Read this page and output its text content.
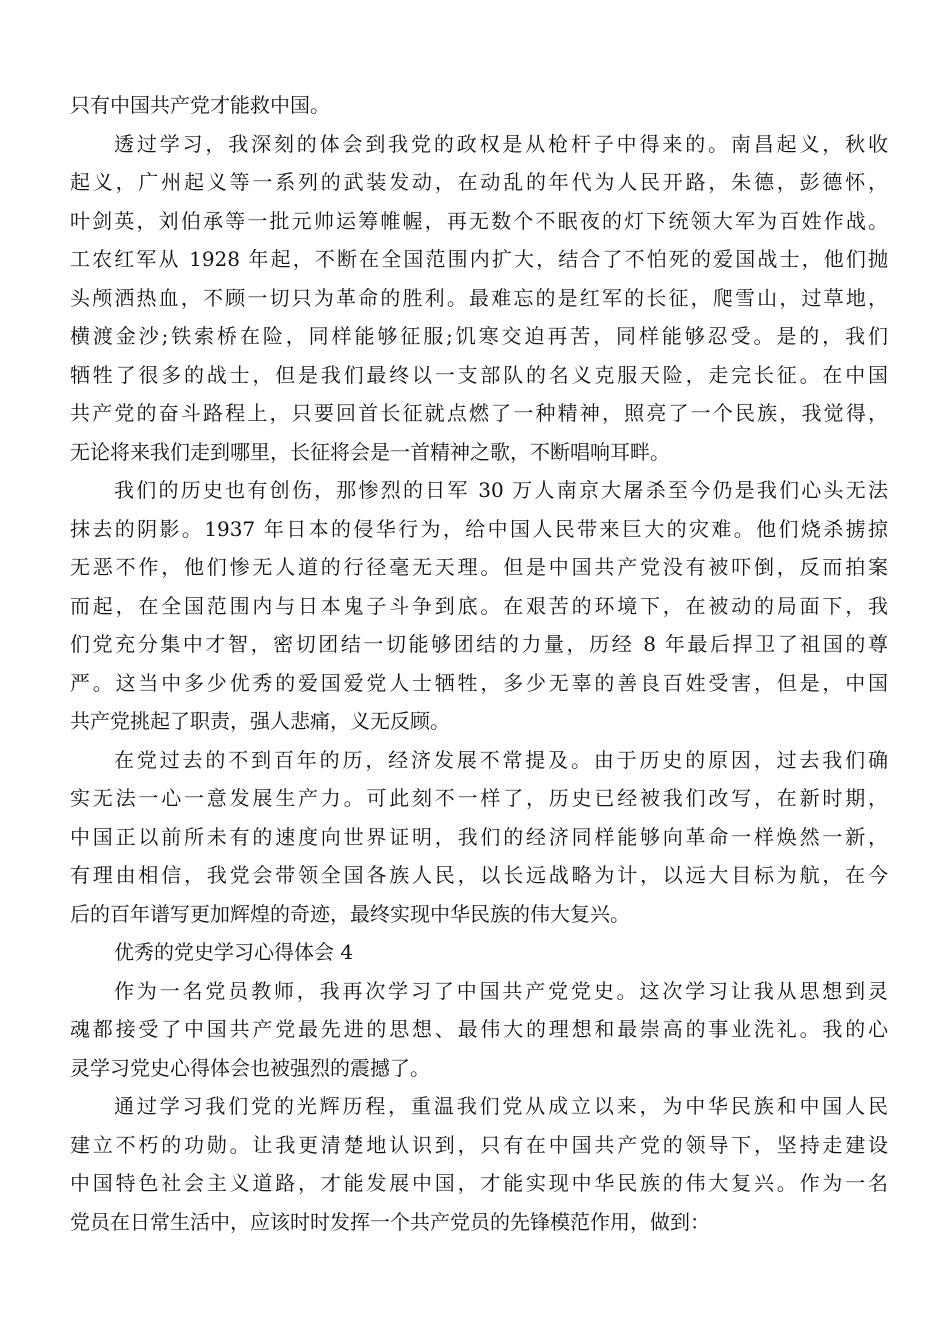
只有中国共产党才能救中国。
透过学习，我深刻的体会到我党的政权是从枪杆子中得来的。南昌起义，秋收
起义，广州起义等一系列的武装发动，在动乱的年代为人民开路，朱德，彭德怀，
叶剑英，刘伯承等一批元帅运筹帷幄，再无数个不眠夜的灯下统领大军为百姓作战。
工农红军从 1928 年起，不断在全国范围内扩大，结合了不怕死的爱国战士，他们抛
头颅洒热血，不顾一切只为革命的胜利。最难忘的是红军的长征，爬雪山，过草地，
横渡金沙;铁索桥在险，同样能够征服;饥寒交迫再苦，同样能够忍受。是的，我们
牺牲了很多的战士，但是我们最终以一支部队的名义克服天险，走完长征。在中国
共产党的奋斗路程上，只要回首长征就点燃了一种精神，照亮了一个民族，我觉得，
无论将来我们走到哪里，长征将会是一首精神之歌，不断唱响耳畔。
我们的历史也有创伤，那惨烈的日军 30 万人南京大屠杀至今仍是我们心头无法
抹去的阴影。1937 年日本的侵华行为，给中国人民带来巨大的灾难。他们烧杀掳掠
无恶不作，他们惨无人道的行径毫无天理。但是中国共产党没有被吓倒，反而拍案
而起，在全国范围内与日本鬼子斗争到底。在艰苦的环境下，在被动的局面下，我
们党充分集中才智，密切团结一切能够团结的力量，历经 8 年最后捍卫了祖国的尊
严。这当中多少优秀的爱国爱党人士牺牲，多少无辜的善良百姓受害，但是，中国
共产党挑起了职责，强人悲痛，义无反顾。
在党过去的不到百年的历，经济发展不常提及。由于历史的原因，过去我们确
实无法一心一意发展生产力。可此刻不一样了，历史已经被我们改写，在新时期，
中国正以前所未有的速度向世界证明，我们的经济同样能够向革命一样焕然一新，
有理由相信，我党会带领全国各族人民，以长远战略为计，以远大目标为航，在今
后的百年谱写更加辉煌的奇迹，最终实现中华民族的伟大复兴。
优秀的党史学习心得体会 4
作为一名党员教师，我再次学习了中国共产党党史。这次学习让我从思想到灵
魂都接受了中国共产党最先进的思想、最伟大的理想和最崇高的事业洗礼。我的心
灵学习党史心得体会也被强烈的震撼了。
通过学习我们党的光辉历程，重温我们党从成立以来，为中华民族和中国人民
建立不朽的功勋。让我更清楚地认识到，只有在中国共产党的领导下，坚持走建设
中国特色社会主义道路，才能发展中国，才能实现中华民族的伟大复兴。作为一名
党员在日常生活中，应该时时发挥一个共产党员的先锋模范作用，做到：
